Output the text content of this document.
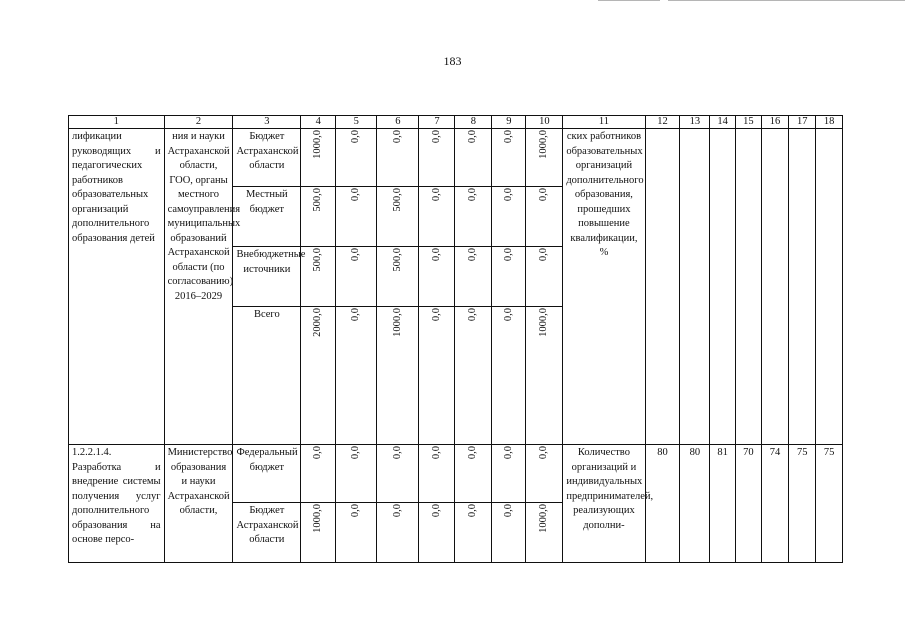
183
1	2	3	4	5	6	7	8	9	10	11	12	13	14	15	16	17	18
лификации руководящих и педагогических работников образовательных организаций дополнительного образования детей	ния и науки Астраханской области, ГОО, органы местного самоуправления муниципальных образований Астраханской области (по согласованию) 2016–2029	Бюджет Астраханской области	1000,0	0,0	0,0	0,0	0,0	0,0	1000,0	ских работников образовательных организаций дополнительного образования, прошедших повышение квалификации, %							
		Местный бюджет	500,0	0,0	500,0	0,0	0,0	0,0	0,0								
		Внебюджетные источники	500,0	0,0	500,0	0,0	0,0	0,0	0,0								
		Всего	2000,0	0,0	1000,0	0,0	0,0	0,0	1000,0								
1.2.2.1.4. Разработка и внедрение системы получения услуг дополнительного образования на основе персо-	Министерство образования и науки Астраханской области,	Федеральный бюджет	0,0	0,0	0,0	0,0	0,0	0,0	0,0	Количество организаций и индивидуальных предпринимателей, реализующих дополни-	80	80	81	70	74	75	75
		Бюджет Астраханской области	1000,0	0,0	0,0	0,0	0,0	0,0	1000,0								
